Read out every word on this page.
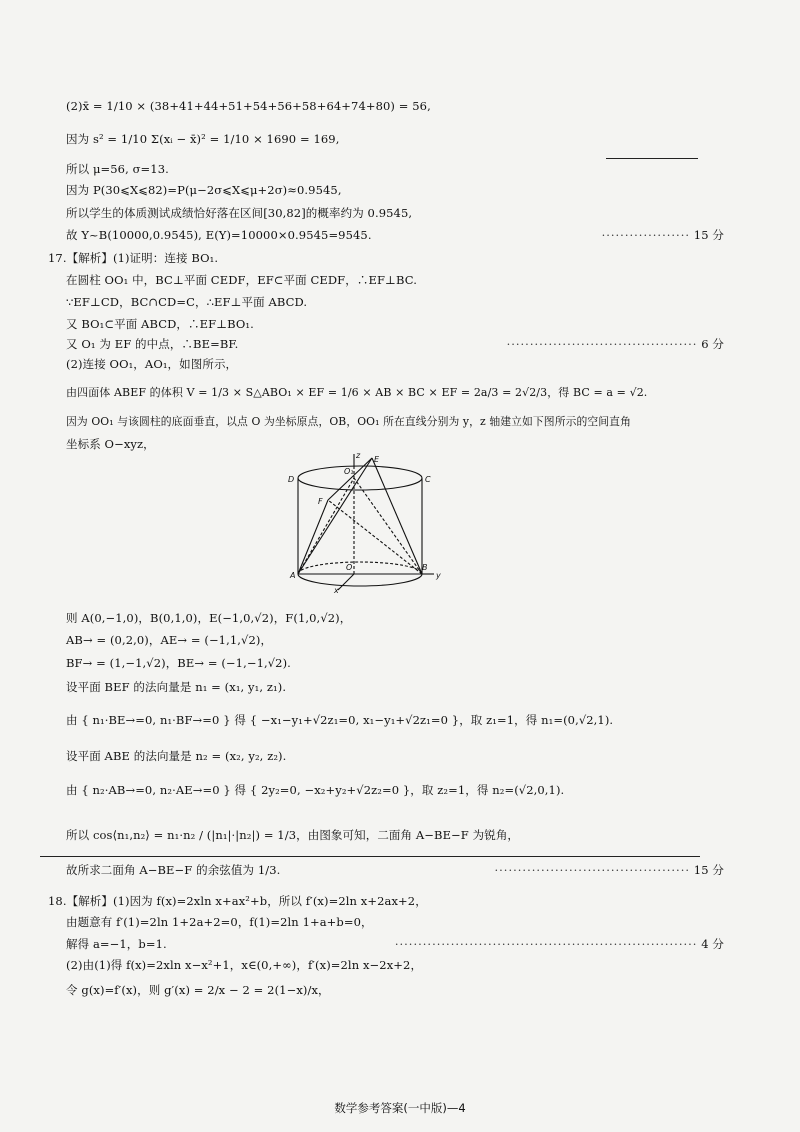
(2)x̄ = 1/10 × (38+41+44+51+54+56+58+64+74+80) = 56,
因为 s² = 1/10 Σ(xᵢ − x̄)² = 1/10 × 1690 = 169,
所以 μ=56, σ=13.
因为 P(30⩽X⩽82)=P(μ−2σ⩽X⩽μ+2σ)≈0.9545,
所以学生的体质测试成绩恰好落在区间[30,82]的概率约为 0.9545,
故 Y~B(10000,0.9545), E(Y)=10000×0.9545=9545.	··················· 15 分
17.【解析】(1)证明：连接 BO₁.
在圆柱 OO₁ 中，BC⊥平面 CEDF，EF⊂平面 CEDF，∴EF⊥BC.
∵EF⊥CD，BC∩CD=C，∴EF⊥平面 ABCD.
又 BO₁⊂平面 ABCD，∴EF⊥BO₁.
又 O₁ 为 EF 的中点，∴BE=BF.	········································· 6 分
(2)连接 OO₁，AO₁，如图所示，
由四面体 ABEF 的体积 V = 1/3 × S△ABO₁ × EF = 1/6 × AB × BC × EF = 2a/3 = 2√2/3，得 BC = a = √2.
因为 OO₁ 与该圆柱的底面垂直，以点 O 为坐标原点，OB，OO₁ 所在直线分别为 y，z 轴建立如下图所示的空间直角
坐标系 O−xyz，
z
O₁
E
C
D
F
A
O	B
y
x
则 A(0,−1,0)，B(0,1,0)，E(−1,0,√2)，F(1,0,√2)，
AB→ = (0,2,0)，AE→ = (−1,1,√2)，
BF→ = (1,−1,√2)，BE→ = (−1,−1,√2).
设平面 BEF 的法向量是 n₁ = (x₁, y₁, z₁).
由 { n₁·BE→=0, n₁·BF→=0 } 得 { −x₁−y₁+√2z₁=0, x₁−y₁+√2z₁=0 }，取 z₁=1，得 n₁=(0,√2,1).
设平面 ABE 的法向量是 n₂ = (x₂, y₂, z₂).
由 { n₂·AB→=0, n₂·AE→=0 } 得 { 2y₂=0, −x₂+y₂+√2z₂=0 }，取 z₂=1，得 n₂=(√2,0,1).
所以 cos⟨n₁,n₂⟩ = n₁·n₂ / (|n₁|·|n₂|) = 1/3，由图象可知，二面角 A−BE−F 为锐角，
故所求二面角 A−BE−F 的余弦值为 1/3.	·········································· 15 分
18.【解析】(1)因为 f(x)=2xln x+ax²+b，所以 f′(x)=2ln x+2ax+2，
由题意有 f′(1)=2ln 1+2a+2=0，f(1)=2ln 1+a+b=0，
解得 a=−1，b=1.	································································· 4 分
(2)由(1)得 f(x)=2xln x−x²+1，x∈(0,+∞)，f′(x)=2ln x−2x+2，
令 g(x)=f′(x)，则 g′(x) = 2/x − 2 = 2(1−x)/x，
数学参考答案(一中版)—4
